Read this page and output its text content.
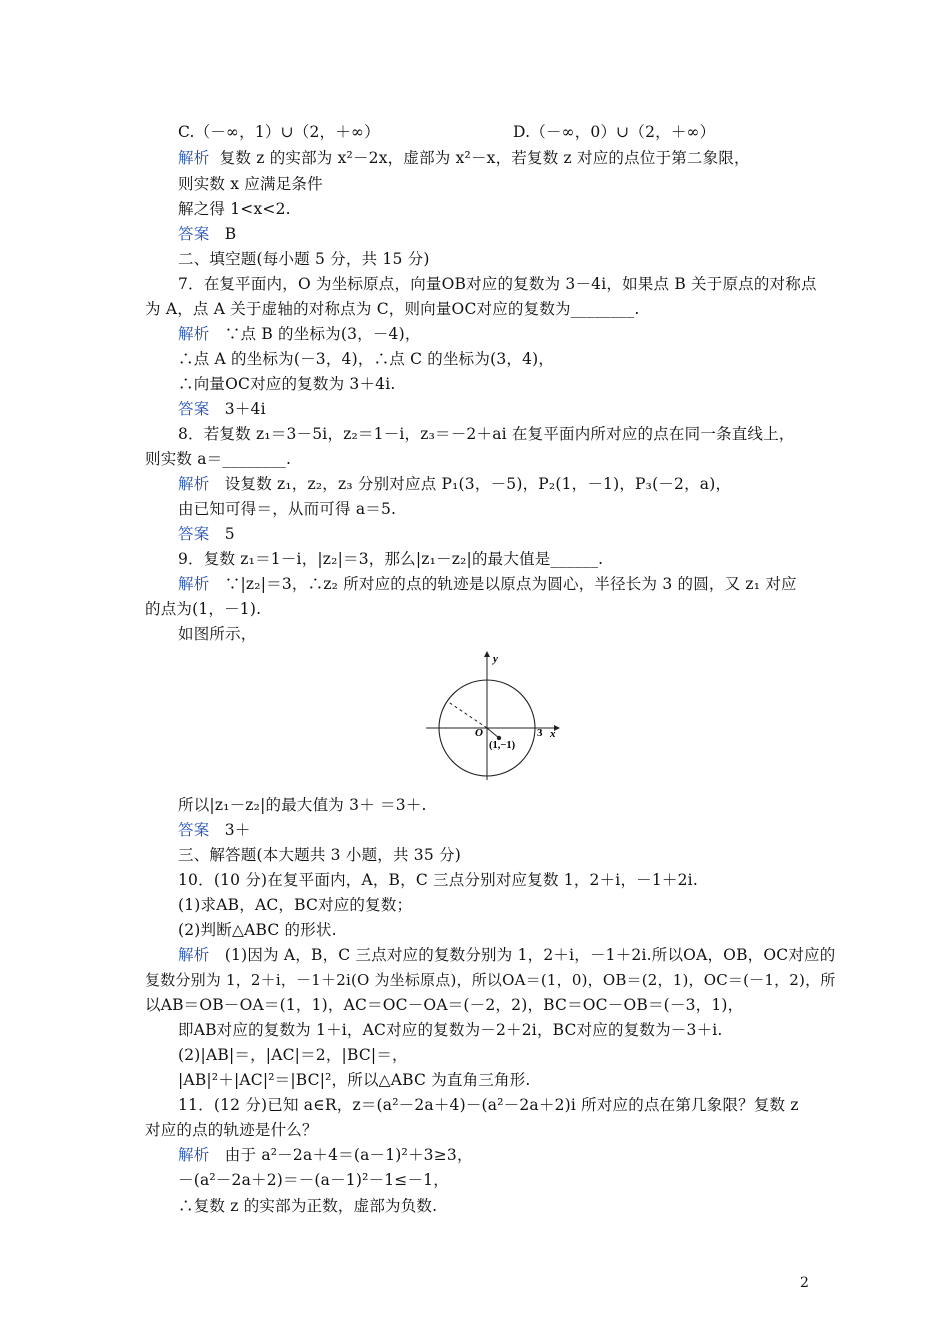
C.（－∞，1）∪（2，＋∞）	D.（－∞，0）∪（2，＋∞）
解析 复数 z 的实部为 x²－2x，虚部为 x²－x，若复数 z 对应的点位于第二象限，
则实数 x 应满足条件
解之得 1<x<2.
答案 B
二、填空题(每小题 5 分，共 15 分)
7．在复平面内，O 为坐标原点，向量OB对应的复数为 3－4i，如果点 B 关于原点的对称点
为 A，点 A 关于虚轴的对称点为 C，则向量OC对应的复数为________.
解析 ∵点 B 的坐标为(3，－4)，
∴点 A 的坐标为(－3，4)，∴点 C 的坐标为(3，4)，
∴向量OC对应的复数为 3＋4i.
答案 3＋4i
8．若复数 z₁＝3－5i，z₂＝1－i，z₃＝－2＋ai 在复平面内所对应的点在同一条直线上，
则实数 a＝________.
解析 设复数 z₁，z₂，z₃ 分别对应点 P₁(3，－5)，P₂(1，－1)，P₃(－2，a)，
由已知可得＝，从而可得 a＝5.
答案 5
9．复数 z₁＝1－i，|z₂|＝3，那么|z₁－z₂|的最大值是______.
解析 ∵|z₂|＝3，∴z₂ 所对应的点的轨迹是以原点为圆心，半径长为 3 的圆，又 z₁ 对应
的点为(1，－1).
如图所示，
y
x
O	3
(1,−1)
所以|z₁－z₂|的最大值为 3＋ ＝3＋.
答案 3＋
三、解答题(本大题共 3 小题，共 35 分)
10．(10 分)在复平面内，A，B，C 三点分别对应复数 1，2＋i，－1＋2i.
(1)求AB，AC，BC对应的复数；
(2)判断△ABC 的形状.
解析 (1)因为 A，B，C 三点对应的复数分别为 1，2＋i，－1＋2i.所以OA，OB，OC对应的
复数分别为 1，2＋i，－1＋2i(O 为坐标原点)，所以OA＝(1，0)，OB＝(2，1)，OC＝(－1，2)，所
以AB＝OB－OA＝(1，1)，AC＝OC－OA＝(－2，2)，BC＝OC－OB＝(－3，1)，
即AB对应的复数为 1＋i，AC对应的复数为－2＋2i，BC对应的复数为－3＋i.
(2)|AB|＝，|AC|＝2，|BC|＝，
|AB|²＋|AC|²＝|BC|²，所以△ABC 为直角三角形.
11．(12 分)已知 a∈R，z＝(a²－2a＋4)－(a²－2a＋2)i 所对应的点在第几象限？复数 z
对应的点的轨迹是什么？
解析 由于 a²－2a＋4＝(a－1)²＋3≥3，
－(a²－2a＋2)＝－(a－1)²－1≤－1，
∴复数 z 的实部为正数，虚部为负数.
2
